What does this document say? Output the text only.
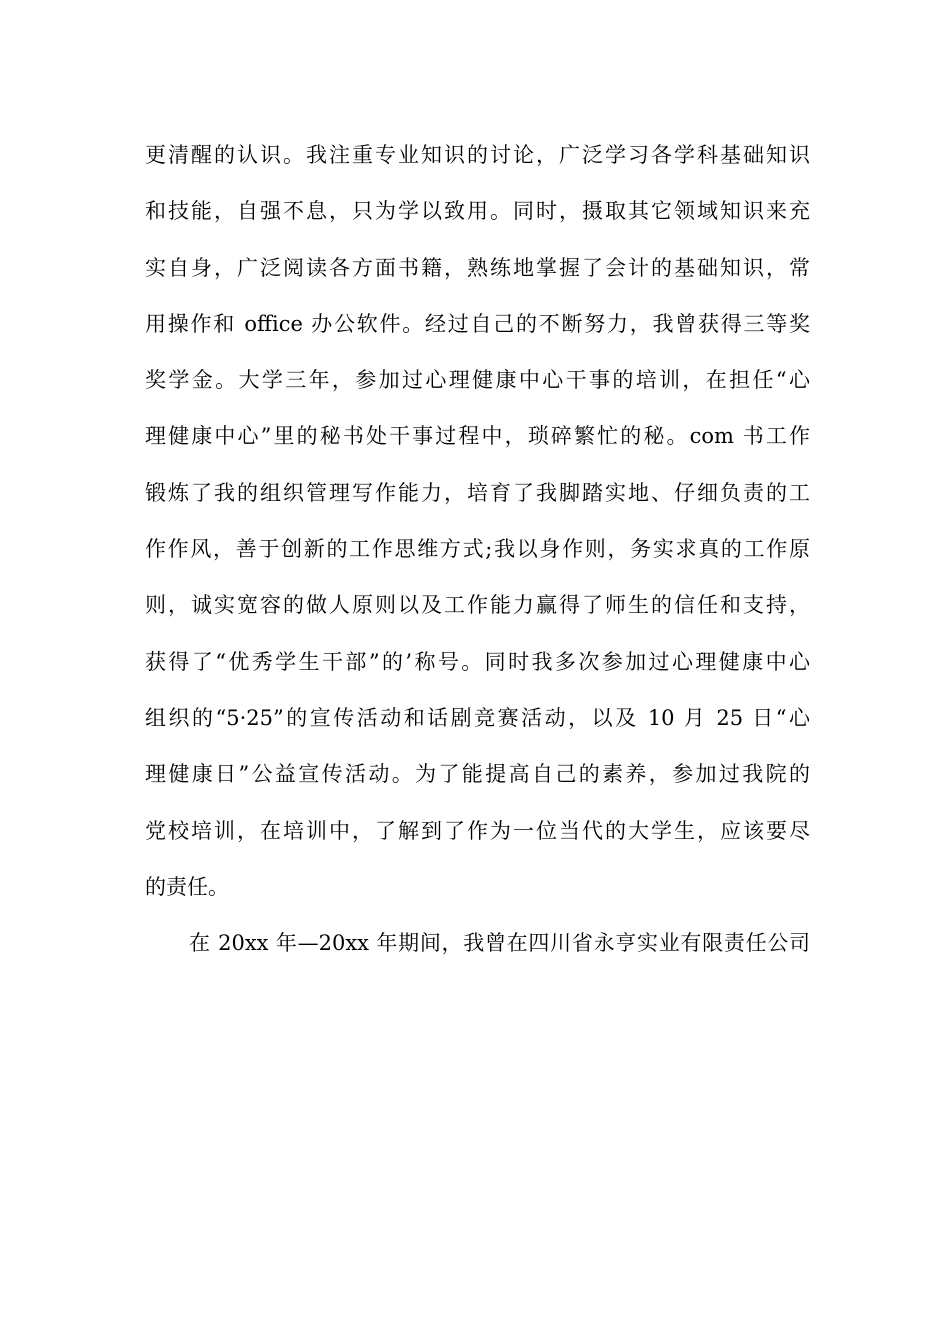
更清醒的认识。我注重专业知识的讨论，广泛学习各学科基础知识
和技能，自强不息，只为学以致用。同时，摄取其它领域知识来充
实自身，广泛阅读各方面书籍，熟练地掌握了会计的基础知识，常
用操作和 office 办公软件。经过自己的不断努力，我曾获得三等奖
奖学金。大学三年，参加过心理健康中心干事的培训，在担任“心
理健康中心”里的秘书处干事过程中，琐碎繁忙的秘。com 书工作
锻炼了我的组织管理写作能力，培育了我脚踏实地、仔细负责的工
作作风，善于创新的工作思维方式;我以身作则，务实求真的工作原
则，诚实宽容的做人原则以及工作能力赢得了师生的信任和支持，
获得了“优秀学生干部”的’称号。同时我多次参加过心理健康中心
组织的“5·25”的宣传活动和话剧竞赛活动，以及 10 月 25 日“心
理健康日”公益宣传活动。为了能提高自己的素养，参加过我院的
党校培训，在培训中，了解到了作为一位当代的大学生，应该要尽
的责任。
在 20xx 年—20xx 年期间，我曾在四川省永亨实业有限责任公司
